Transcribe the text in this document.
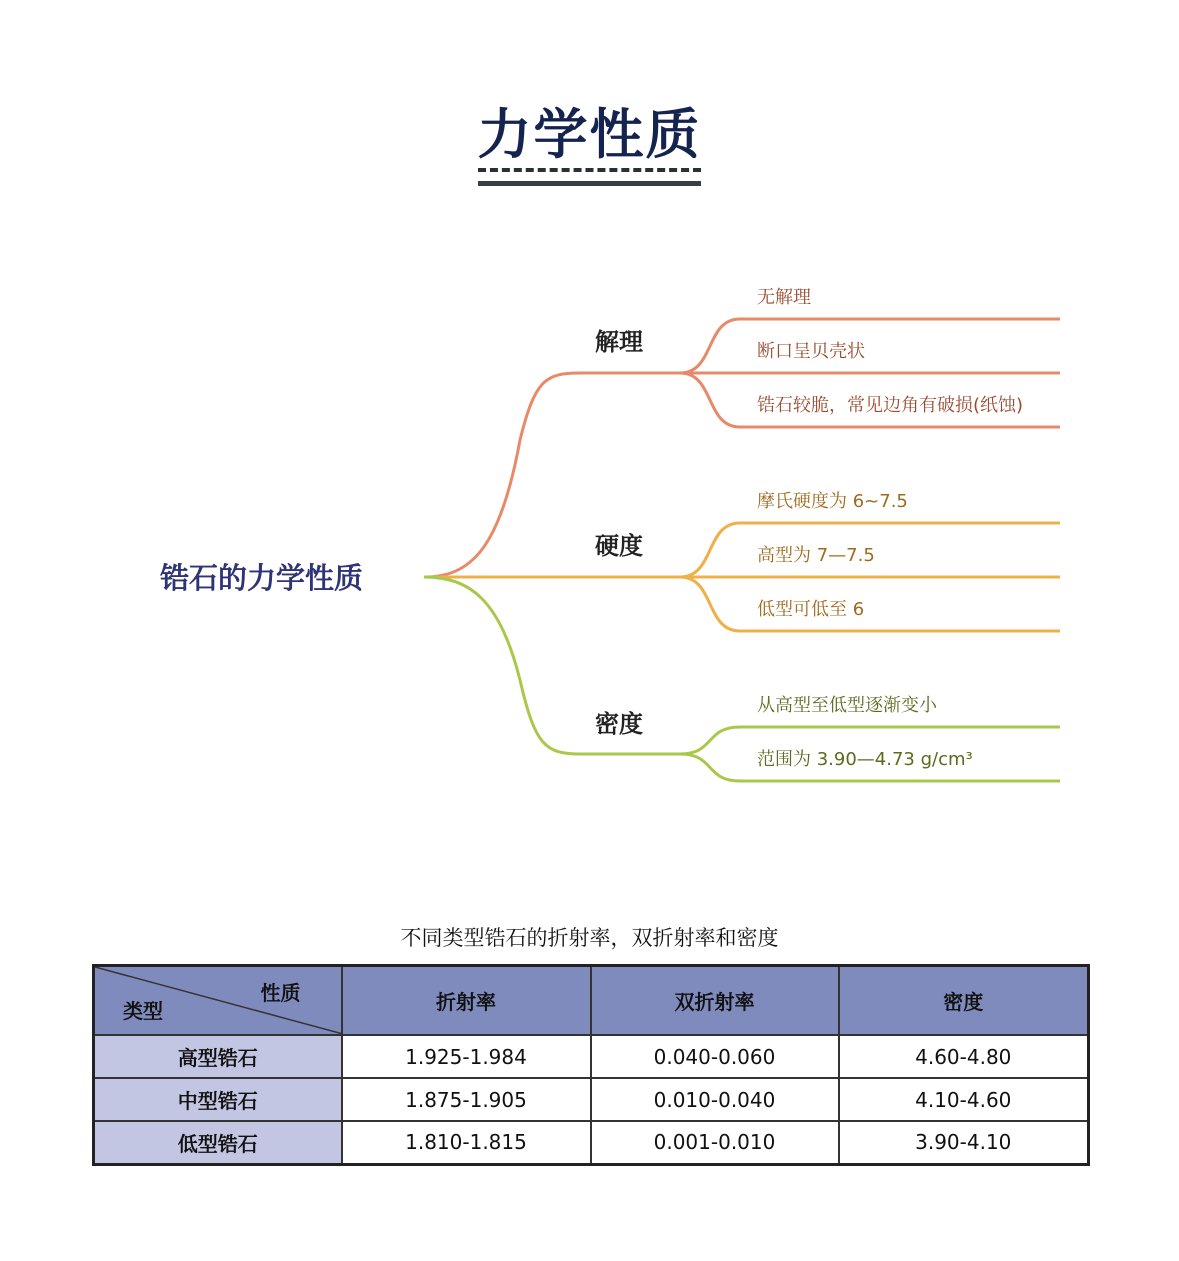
力学性质
锆石的力学性质
解理
硬度
密度
无解理
断口呈贝壳状
锆石较脆，常见边角有破损(纸蚀)
摩氏硬度为 6~7.5
高型为 7—7.5
低型可低至 6
从高型至低型逐渐变小
范围为 3.90—4.73 g/cm³
不同类型锆石的折射率，双折射率和密度
性质
类型	折射率	双折射率	密度
高型锆石	1.925-1.984	0.040-0.060	4.60-4.80
中型锆石	1.875-1.905	0.010-0.040	4.10-4.60
低型锆石	1.810-1.815	0.001-0.010	3.90-4.10
